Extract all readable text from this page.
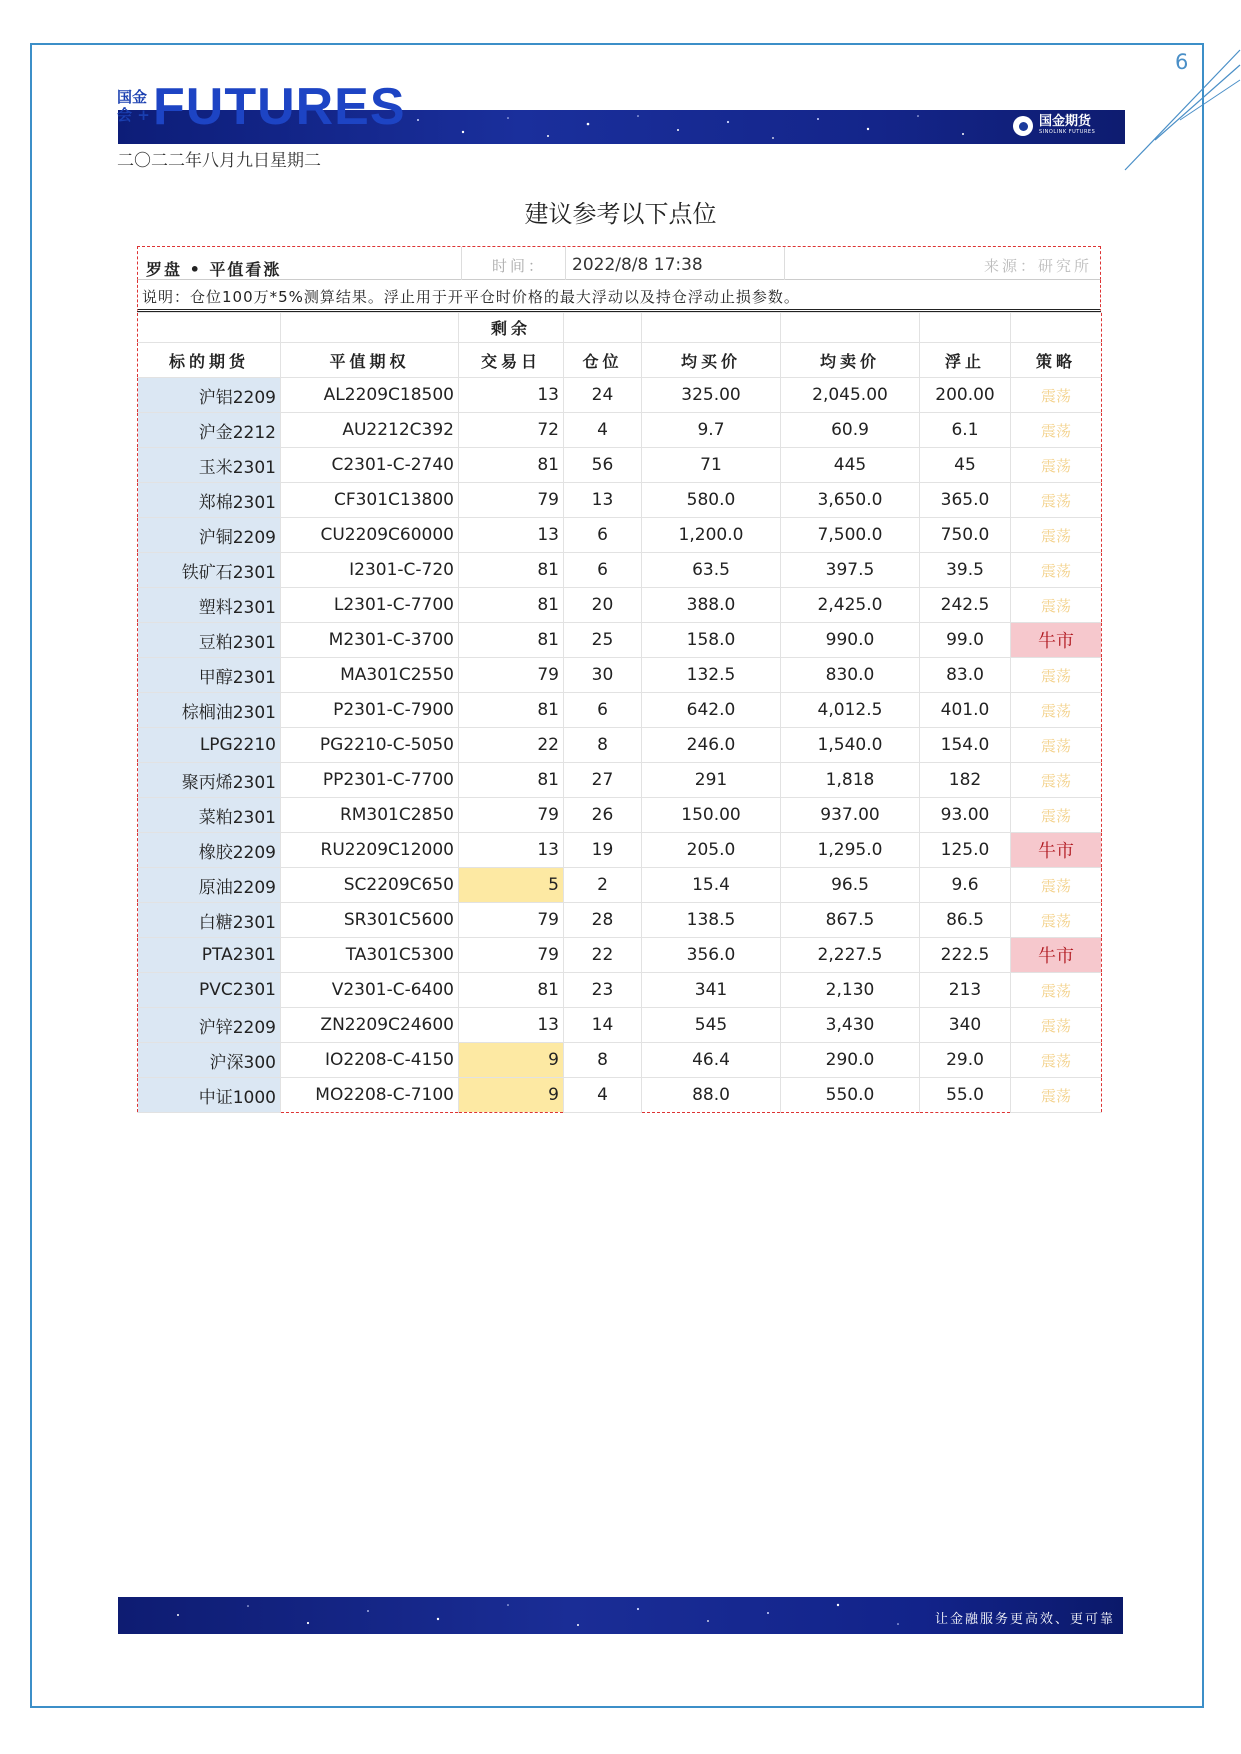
6
国金
会 + FUTURES	国金期货
SINOLINK FUTURES
二〇二二年八月九日星期二
建议参考以下点位
罗盘 • 平值看涨	时间： 2022/8/8 17:38	来源：研究所
说明：仓位100万*5%测算结果。浮止用于开平仓时价格的最大浮动以及持仓浮动止损参数。
		剩余					
标的期货	平值期权	交易日	仓位	均买价	均卖价	浮止	策略
沪铝2209	AL2209C18500	13	24	325.00	2,045.00	200.00	震荡
沪金2212	AU2212C392	72	4	9.7	60.9	6.1	震荡
玉米2301	C2301-C-2740	81	56	71	445	45	震荡
郑棉2301	CF301C13800	79	13	580.0	3,650.0	365.0	震荡
沪铜2209	CU2209C60000	13	6	1,200.0	7,500.0	750.0	震荡
铁矿石2301	I2301-C-720	81	6	63.5	397.5	39.5	震荡
塑料2301	L2301-C-7700	81	20	388.0	2,425.0	242.5	震荡
豆粕2301	M2301-C-3700	81	25	158.0	990.0	99.0	牛市
甲醇2301	MA301C2550	79	30	132.5	830.0	83.0	震荡
棕榈油2301	P2301-C-7900	81	6	642.0	4,012.5	401.0	震荡
LPG2210	PG2210-C-5050	22	8	246.0	1,540.0	154.0	震荡
聚丙烯2301	PP2301-C-7700	81	27	291	1,818	182	震荡
菜粕2301	RM301C2850	79	26	150.00	937.00	93.00	震荡
橡胶2209	RU2209C12000	13	19	205.0	1,295.0	125.0	牛市
原油2209	SC2209C650	5	2	15.4	96.5	9.6	震荡
白糖2301	SR301C5600	79	28	138.5	867.5	86.5	震荡
PTA2301	TA301C5300	79	22	356.0	2,227.5	222.5	牛市
PVC2301	V2301-C-6400	81	23	341	2,130	213	震荡
沪锌2209	ZN2209C24600	13	14	545	3,430	340	震荡
沪深300	IO2208-C-4150	9	8	46.4	290.0	29.0	震荡
中证1000	MO2208-C-7100	9	4	88.0	550.0	55.0	震荡
让金融服务更高效、更可靠
